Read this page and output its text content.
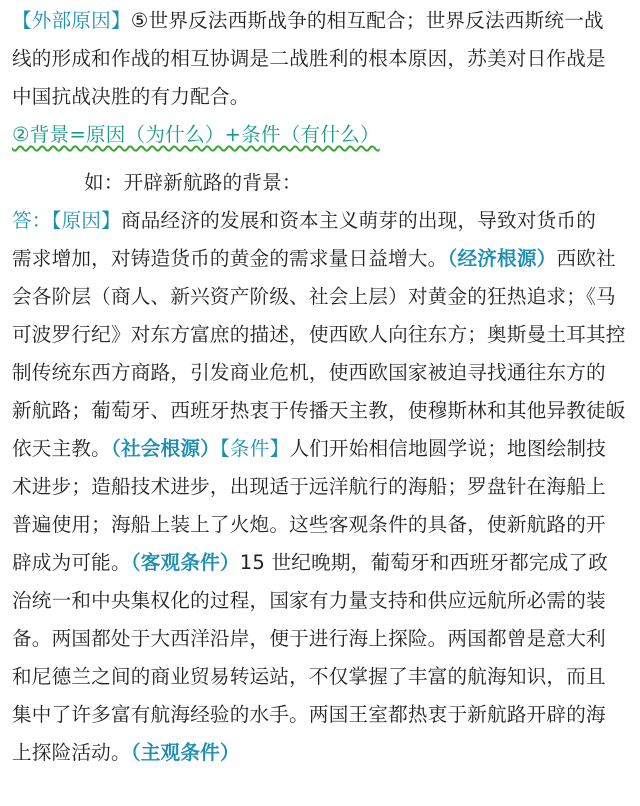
【外部原因】⑤世界反法西斯战争的相互配合；世界反法西斯统一战
线的形成和作战的相互协调是二战胜利的根本原因，苏美对日作战是
中国抗战决胜的有力配合。
②背景=原因（为什么）+条件（有什么）
如：开辟新航路的背景：
答：【原因】商品经济的发展和资本主义萌芽的出现，导致对货币的
需求增加，对铸造货币的黄金的需求量日益增大。（经济根源）西欧社
会各阶层（商人、新兴资产阶级、社会上层）对黄金的狂热追求；《马
可波罗行纪》对东方富庶的描述，使西欧人向往东方；奥斯曼土耳其控
制传统东西方商路，引发商业危机，使西欧国家被迫寻找通往东方的
新航路；葡萄牙、西班牙热衷于传播天主教，使穆斯林和其他异教徒皈
依天主教。（社会根源）【条件】人们开始相信地圆学说；地图绘制技
术进步；造船技术进步，出现适于远洋航行的海船；罗盘针在海船上
普遍使用；海船上装上了火炮。这些客观条件的具备，使新航路的开
辟成为可能。（客观条件）15 世纪晚期，葡萄牙和西班牙都完成了政
治统一和中央集权化的过程，国家有力量支持和供应远航所必需的装
备。两国都处于大西洋沿岸，便于进行海上探险。两国都曾是意大利
和尼德兰之间的商业贸易转运站，不仅掌握了丰富的航海知识，而且
集中了许多富有航海经验的水手。两国王室都热衷于新航路开辟的海
上探险活动。（主观条件）
